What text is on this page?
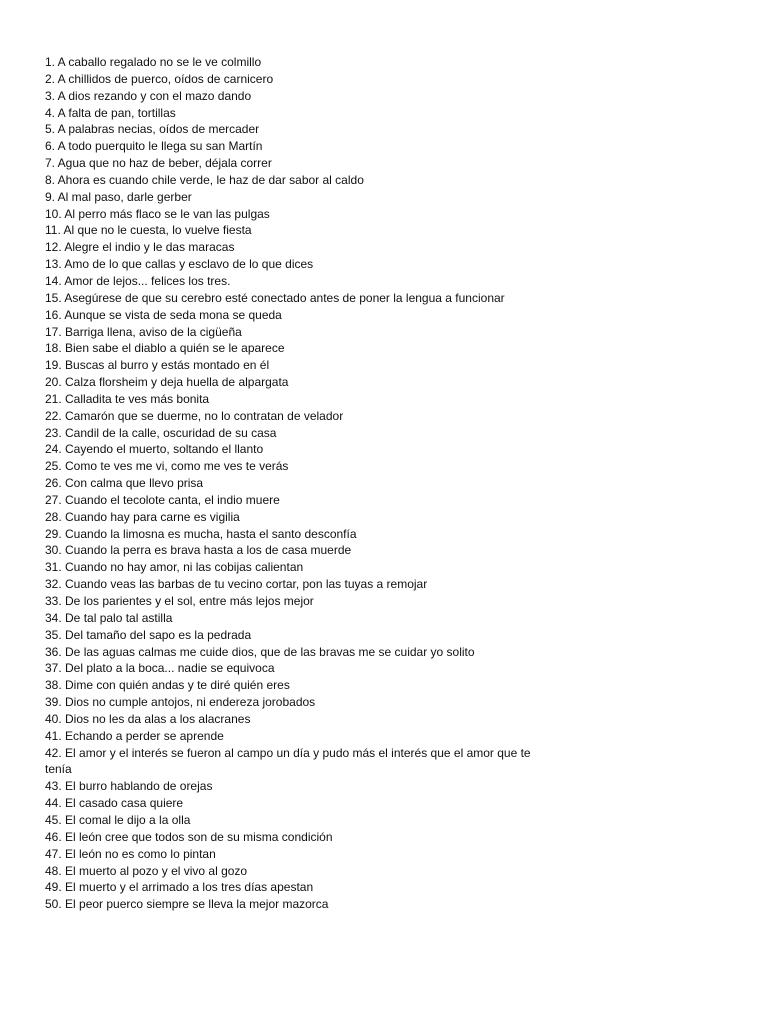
1. A caballo regalado no se le ve colmillo

2. A chillidos de puerco, oídos de carnicero

3. A dios rezando y con el mazo dando

4. A falta de pan, tortillas

5. A palabras necias, oídos de mercader

6. A todo puerquito le llega su san Martín

7. Agua que no haz de beber, déjala correr

8. Ahora es cuando chile verde, le haz de dar sabor al caldo

9. Al mal paso, darle gerber

10. Al perro más flaco se le van las pulgas

11. Al que no le cuesta, lo vuelve fiesta

12. Alegre el indio y le das maracas

13. Amo de lo que callas y esclavo de lo que dices

14. Amor de lejos... felices los tres.

15. Asegúrese de que su cerebro esté conectado antes de poner la lengua a funcionar

16. Aunque se vista de seda mona se queda

17. Barriga llena, aviso de la cigüeña

18. Bien sabe el diablo a quién se le aparece

19. Buscas al burro y estás montado en él

20. Calza florsheim y deja huella de alpargata

21. Calladita te ves más bonita

22. Camarón que se duerme, no lo contratan de velador

23. Candil de la calle, oscuridad de su casa

24. Cayendo el muerto, soltando el llanto

25. Como te ves me vi, como me ves te verás

26. Con calma que llevo prisa

27. Cuando el tecolote canta, el indio muere

28. Cuando hay para carne es vigilia

29. Cuando la limosna es mucha, hasta el santo desconfía

30. Cuando la perra es brava hasta a los de casa muerde

31. Cuando no hay amor, ni las cobijas calientan

32. Cuando veas las barbas de tu vecino cortar, pon las tuyas a remojar

33. De los parientes y el sol, entre más lejos mejor

34. De tal palo tal astilla

35. Del tamaño del sapo es la pedrada

36. De las aguas calmas me cuide dios, que de las bravas me se cuidar yo solito

37. Del plato a la boca... nadie se equivoca

38. Dime con quién andas y te diré quién eres

39. Dios no cumple antojos, ni endereza jorobados

40. Dios no les da alas a los alacranes

41. Echando a perder se aprende

42. El amor y el interés se fueron al campo un día y pudo más el interés que el amor que te tenía

43. El burro hablando de orejas

44. El casado casa quiere

45. El comal le dijo a la olla

46. El león cree que todos son de su misma condición

47. El león no es como lo pintan

48. El muerto al pozo y el vivo al gozo

49. El muerto y el arrimado a los tres días apestan

50. El peor puerco siempre se lleva la mejor mazorca
